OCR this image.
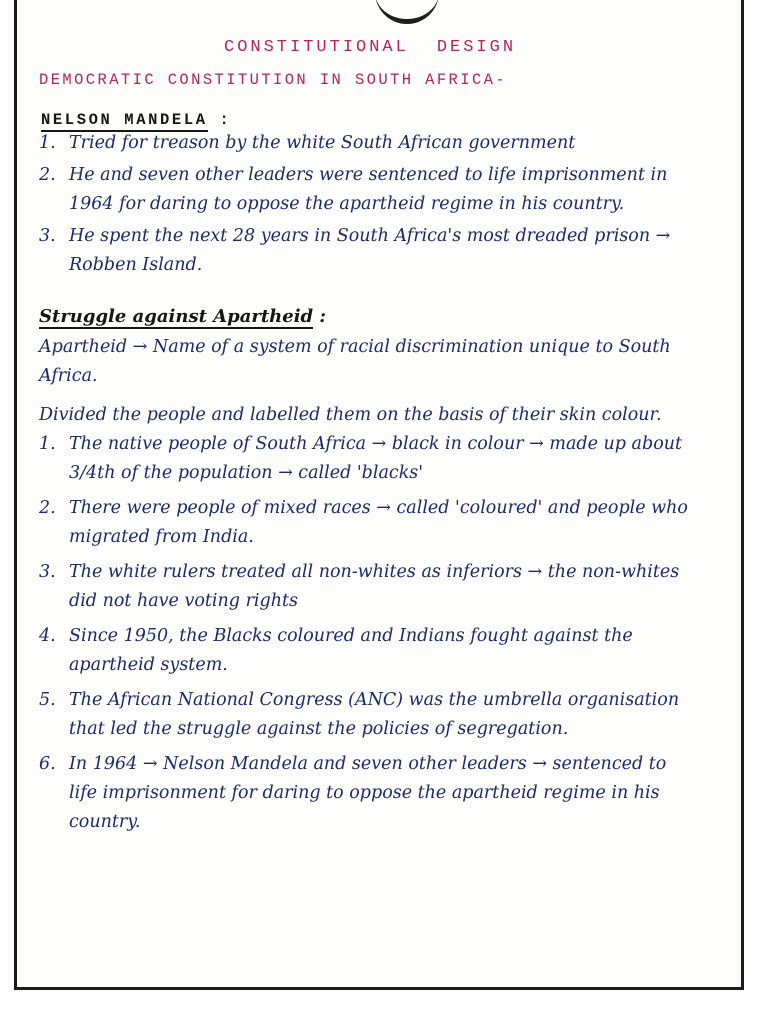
CONSTITUTIONAL DESIGN
DEMOCRATIC CONSTITUTION IN SOUTH AFRICA-
NELSON MANDELA :
1. Tried for treason by the white South African government
2. He and seven other leaders were sentenced to life imprisonment in 1964 for daring to oppose the apartheid regime in his country.
3. He spent the next 28 years in South Africa's most dreaded prison → Robben Island.
Struggle against Apartheid :

Apartheid → Name of a system of racial discrimination unique to South Africa.

Divided the people and labelled them on the basis of their skin colour.

1. The native people of South Africa → black in colour → made up about 3/4th of the population → called 'blacks'
2. There were people of mixed races → called 'coloured' and people who migrated from India.
3. The white rulers treated all non-whites as inferiors → the non-whites did not have voting rights
4. Since 1950, the Blacks coloured and Indians fought against the apartheid system.
5. The African National Congress (ANC) was the umbrella organisation that led the struggle against the policies of segregation.
6. In 1964 → Nelson Mandela and seven other leaders → sentenced to life imprisonment for daring to oppose the apartheid regime in his country.
